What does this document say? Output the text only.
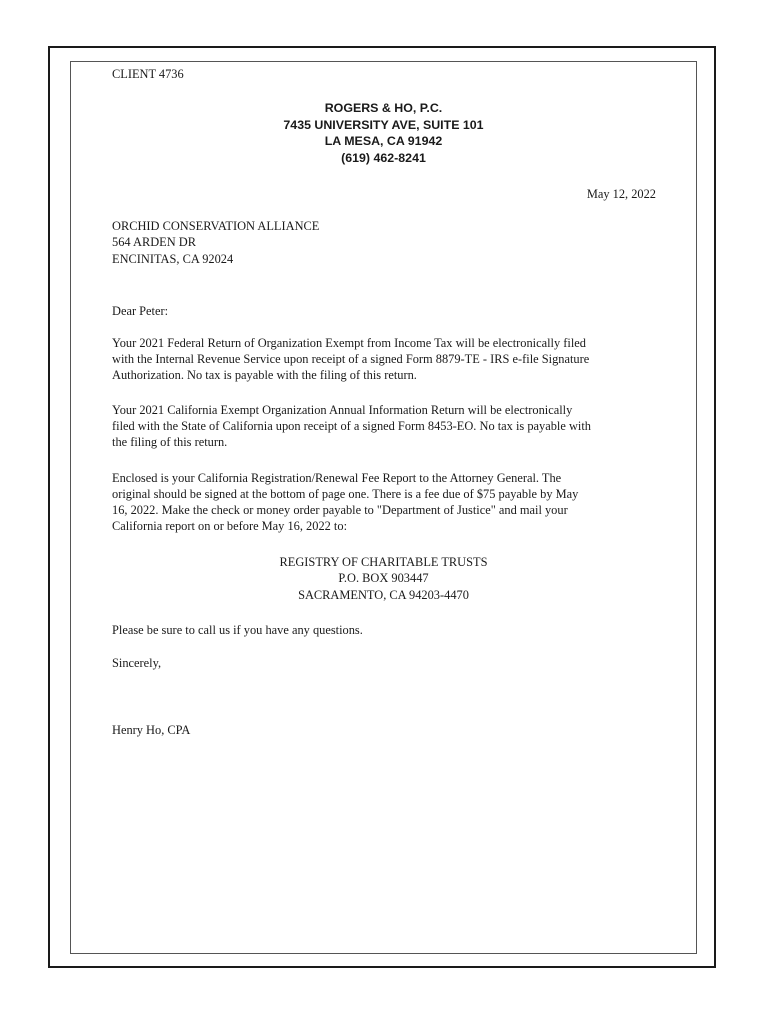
CLIENT 4736

ROGERS & HO, P.C.

7435 UNIVERSITY AVE, SUITE 101

LA MESA, CA 91942

(619) 462-8241

May 12, 2022

ORCHID CONSERVATION ALLIANCE

564 ARDEN DR

ENCINITAS, CA 92024

Dear Peter:

Your 2021 Federal Return of Organization Exempt from Income Tax will be electronically filed
with the Internal Revenue Service upon receipt of a signed Form 8879-TE - IRS e-file Signature
Authorization. No tax is payable with the filing of this return.
Your 2021 California Exempt Organization Annual Information Return will be electronically
filed with the State of California upon receipt of a signed Form 8453-EO. No tax is payable with
the filing of this return.
Enclosed is your California Registration/Renewal Fee Report to the Attorney General. The
original should be signed at the bottom of page one. There is a fee due of $75 payable by May
16, 2022. Make the check or money order payable to "Department of Justice" and mail your
California report on or before May 16, 2022 to:

REGISTRY OF CHARITABLE TRUSTS

P.O. BOX 903447

SACRAMENTO, CA 94203-4470

Please be sure to call us if you have any questions.

Sincerely,

Henry Ho, CPA
